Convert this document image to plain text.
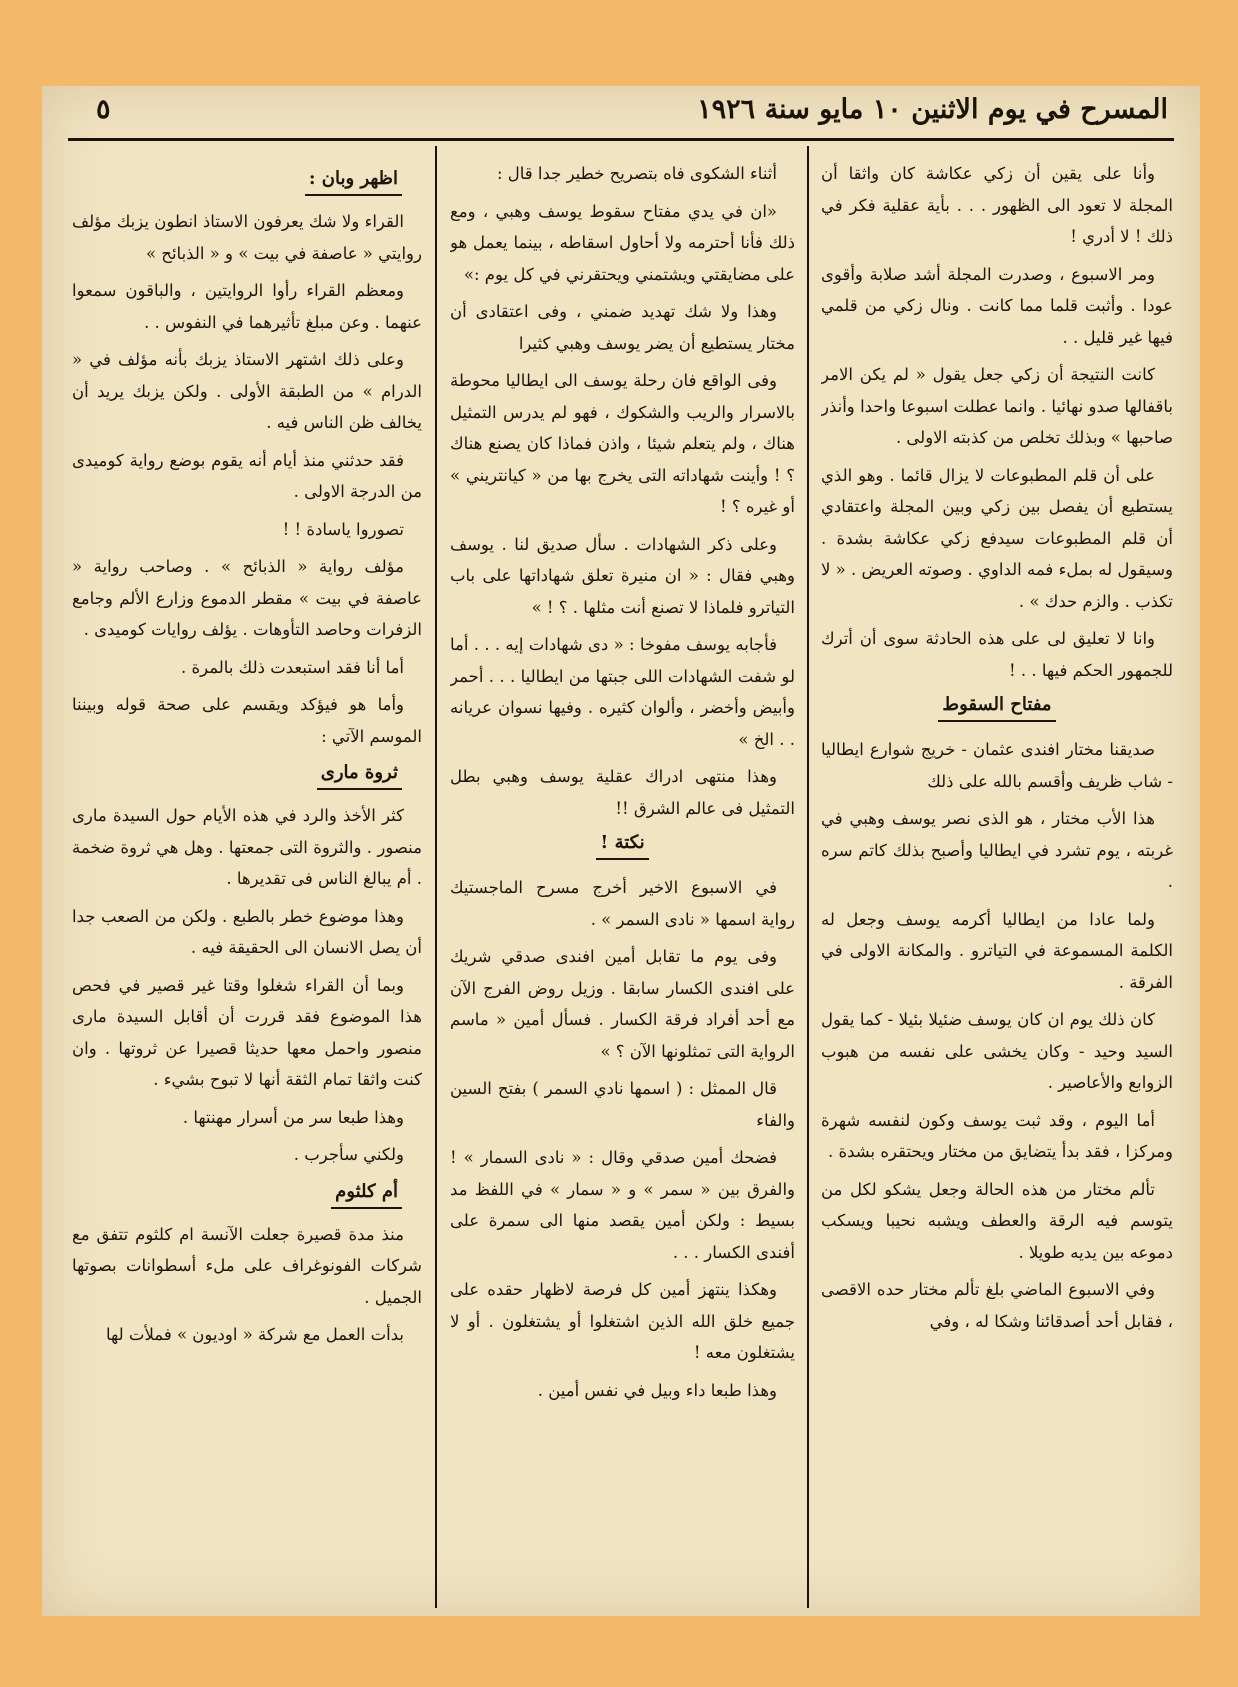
المسرح في يوم الاثنين ١٠ مايو سنة ١٩٢٦
٥

وأنا على يقين أن زكي عكاشة كان واثقا أن المجلة لا تعود الى الظهور . . . بأية عقلية فكر في ذلك ! لا أدري !

ومر الاسبوع ، وصدرت المجلة أشد صلابة وأقوى عودا . وأثبت قلما مما كانت . ونال زكي من قلمي فيها غير قليل . .

كانت النتيجة أن زكي جعل يقول « لم يكن الامر باقفالها صدو نهائيا . وانما عطلت اسبوعا واحدا وأنذر صاحبها » وبذلك تخلص من كذبته الاولى .

على أن قلم المطبوعات لا يزال قائما . وهو الذي يستطيع أن يفصل بين زكي وبين المجلة واعتقادي أن قلم المطبوعات سيدفع زكي عكاشة بشدة . وسيقول له بملء فمه الداوي . وصوته العريض . « لا تكذب . والزم حدك » .

وانا لا تعليق لى على هذه الحادثة سوى أن أترك للجمهور الحكم فيها . . !

مفتاح السقوط

صديقنا مختار افندى عثمان - خريج شوارع ايطاليا - شاب ظريف وأقسم بالله على ذلك

هذا الأب مختار ، هو الذى نصر يوسف وهبي في غربته ، يوم تشرد في ايطاليا وأصبح بذلك كاتم سره .

ولما عادا من ايطاليا أكرمه يوسف وجعل له الكلمة المسموعة في التياترو . والمكانة الاولى في الفرقة .

كان ذلك يوم ان كان يوسف ضئيلا بئيلا - كما يقول السيد وحيد - وكان يخشى على نفسه من هبوب الزوابع والأعاصير .

أما اليوم ، وقد ثبت يوسف وكون لنفسه شهرة ومركزا ، فقد بدأ يتضايق من مختار ويحتقره بشدة .

تألم مختار من هذه الحالة وجعل يشكو لكل من يتوسم فيه الرقة والعطف ويشبه نحيبا ويسكب دموعه بين يديه طويلا .

وفي الاسبوع الماضي بلغ تألم مختار حده الاقصى ، فقابل أحد أصدقائنا وشكا له ، وفي

أثناء الشكوى فاه بتصريح خطير جدا قال :

«ان في يدي مفتاح سقوط يوسف وهبي ، ومع ذلك فأنا أحترمه ولا أحاول اسقاطه ، بينما يعمل هو على مضايقتي ويشتمني ويحتقرني في كل يوم :»

وهذا ولا شك تهديد ضمني ، وفى اعتقادى أن مختار يستطيع أن يضر يوسف وهبي كثيرا

وفى الواقع فان رحلة يوسف الى ايطاليا محوطة بالاسرار والريب والشكوك ، فهو لم يدرس التمثيل هناك ، ولم يتعلم شيئا ، واذن فماذا كان يصنع هناك ؟ ! وأينت شهاداته التى يخرج بها من « كيانتريني » أو غيره ؟ !

وعلى ذكر الشهادات . سأل صديق لنا . يوسف وهبي فقال : « ان منيرة تعلق شهاداتها على باب التياترو فلماذا لا تصنع أنت مثلها . ؟ ! »

فأجابه يوسف مفوخا : « دى شهادات إيه . . . أما لو شفت الشهادات اللى جبتها من ايطاليا . . . أحمر وأبيض وأخضر ، وألوان كثيره . وفيها نسوان عريانه . . الخ »

وهذا منتهى ادراك عقلية يوسف وهبي بطل التمثيل فى عالم الشرق !!

نكتة !

في الاسبوع الاخير أخرج مسرح الماجستيك رواية اسمها « نادى السمر » .

وفى يوم ما تقابل أمين افندى صدقي شريك على افندى الكسار سابقا . وزيل روض الفرج الآن مع أحد أفراد فرقة الكسار . فسأل أمين « ماسم الرواية التى تمثلونها الآن ؟ »

قال الممثل : ( اسمها نادي السمر ) بفتح السين والفاء

فضحك أمين صدقي وقال : « نادى السمار » ! والفرق بين « سمر » و « سمار » في اللفظ مد بسيط : ولكن أمين يقصد منها الى سمرة على أفندى الكسار . . .

وهكذا ينتهز أمين كل فرصة لاظهار حقده على جميع خلق الله الذين اشتغلوا أو يشتغلون . أو لا يشتغلون معه !

وهذا طبعا داء وبيل في نفس أمين .

اظهر وبان :

القراء ولا شك يعرفون الاستاذ انطون يزبك مؤلف روايتي « عاصفة في بيت » و « الذبائح »

ومعظم القراء رأوا الروايتين ، والباقون سمعوا عنهما . وعن مبلغ تأثيرهما في النفوس . .

وعلى ذلك اشتهر الاستاذ يزبك بأنه مؤلف في « الدرام » من الطبقة الأولى . ولكن يزبك يريد أن يخالف ظن الناس فيه .

فقد حدثني منذ أيام أنه يقوم بوضع رواية كوميدى من الدرجة الاولى .

تصوروا ياسادة ! !

مؤلف رواية « الذبائح » . وصاحب رواية « عاصفة في بيت » مقطر الدموع وزارع الألم وجامع الزفرات وحاصد التأوهات . يؤلف روايات كوميدى .

أما أنا فقد استبعدت ذلك بالمرة .

وأما هو فيؤكد ويقسم على صحة قوله وبيننا الموسم الآتي :

ثروة مارى

كثر الأخذ والرد في هذه الأيام حول السيدة مارى منصور . والثروة التى جمعتها . وهل هي ثروة ضخمة . أم يبالغ الناس فى تقديرها .

وهذا موضوع خطر بالطبع . ولكن من الصعب جدا أن يصل الانسان الى الحقيقة فيه .

وبما أن القراء شغلوا وقتا غير قصير في فحص هذا الموضوع فقد قررت أن أقابل السيدة مارى منصور واحمل معها حديثا قصيرا عن ثروتها . وان كنت واثقا تمام الثقة أنها لا تبوح بشيء .

وهذا طبعا سر من أسرار مهنتها .

ولكني سأجرب .

أم كلثوم

منذ مدة قصيرة جعلت الآنسة ام كلثوم تتفق مع شركات الفونوغراف على ملء أسطوانات بصوتها الجميل .

بدأت العمل مع شركة « اوديون » فملأت لها
